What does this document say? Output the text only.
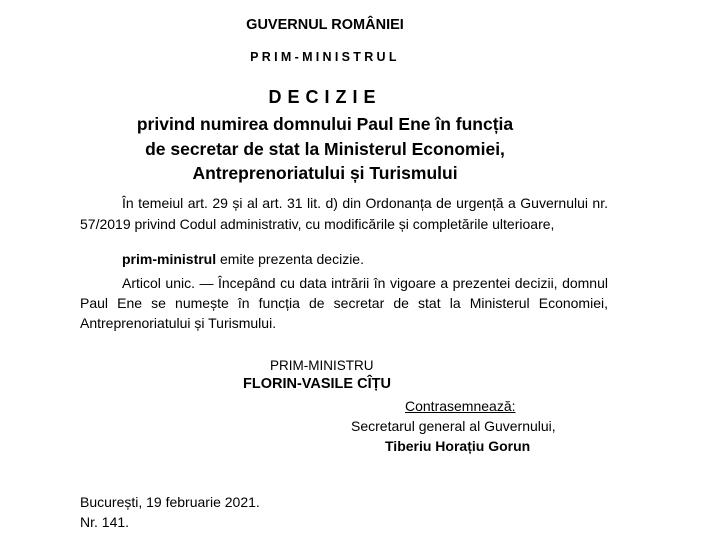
GUVERNUL ROMÂNIEI
PRIM-MINISTRUL
DECIZIE
privind numirea domnului Paul Ene în funcția
de secretar de stat la Ministerul Economiei,
Antreprenoriatului și Turismului
În temeiul art. 29 și al art. 31 lit. d) din Ordonanța de urgență a Guvernului nr. 57/2019 privind Codul administrativ, cu modificările și completările ulterioare,
prim-ministrul emite prezenta decizie.
Articol unic. — Începând cu data intrării în vigoare a prezentei decizii, domnul Paul Ene se numește în funcția de secretar de stat la Ministerul Economiei, Antreprenoriatului și Turismului.
PRIM-MINISTRU
FLORIN-VASILE CÎȚU
Contrasemnează:
Secretarul general al Guvernului,
Tiberiu Horațiu Gorun
București, 19 februarie 2021.
Nr. 141.
